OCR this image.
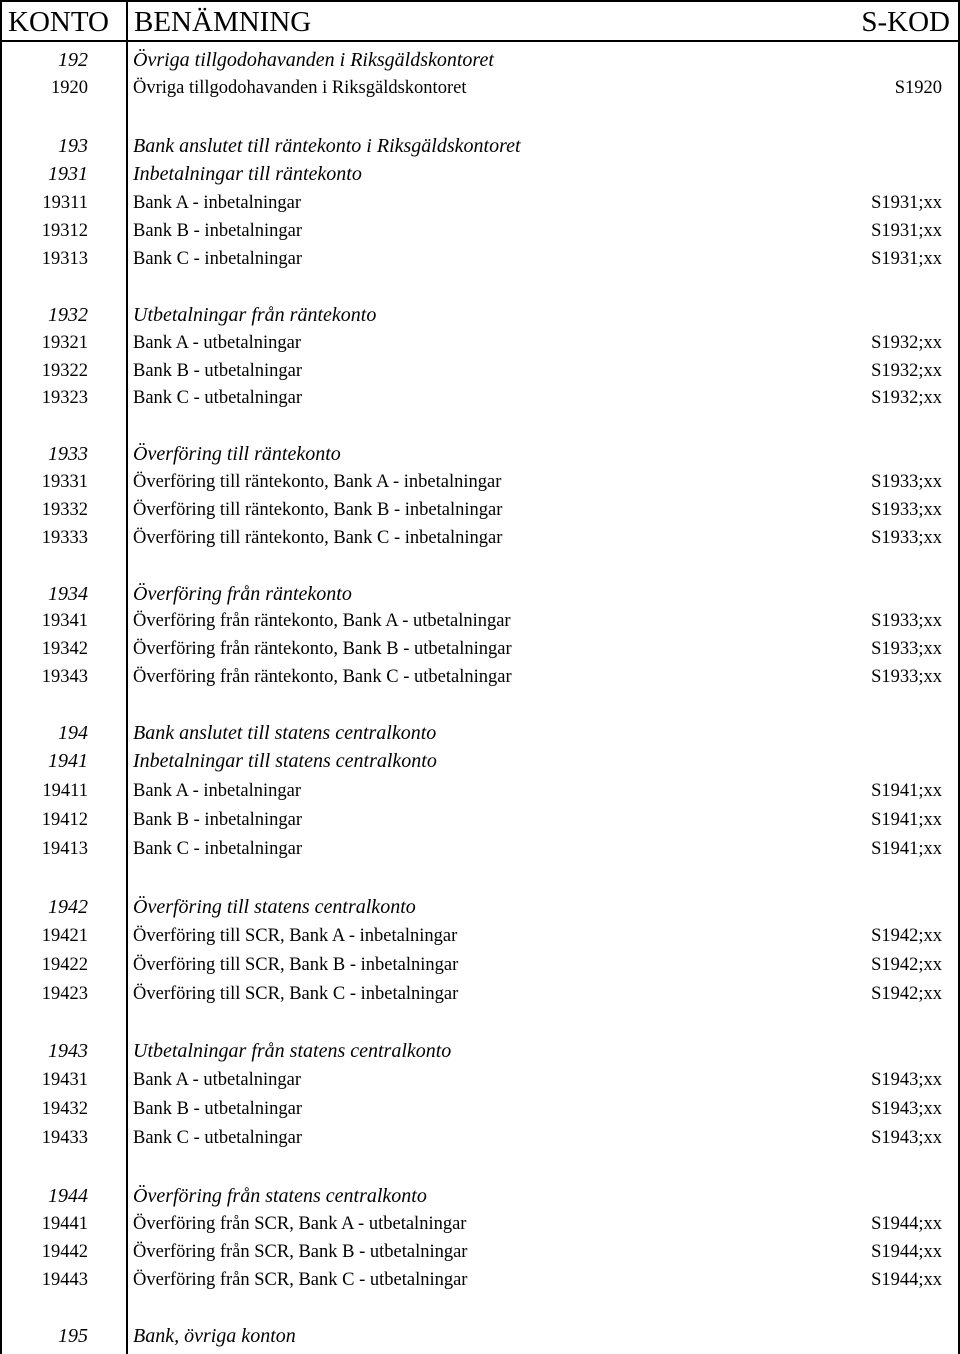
KONTO BENÄMNING	S-KOD
192 Övriga tillgodohavanden i Riksgäldskontoret
1920 Övriga tillgodohavanden i Riksgäldskontoret	S1920
193 Bank anslutet till räntekonto i Riksgäldskontoret
1931 Inbetalningar till räntekonto
19311 Bank A - inbetalningar	S1931;xx
19312 Bank B - inbetalningar	S1931;xx
19313 Bank C - inbetalningar	S1931;xx
1932 Utbetalningar från räntekonto
19321 Bank A - utbetalningar	S1932;xx
19322 Bank B - utbetalningar	S1932;xx
19323 Bank C - utbetalningar	S1932;xx
1933 Överföring till räntekonto
19331 Överföring till räntekonto, Bank A - inbetalningar	S1933;xx
19332 Överföring till räntekonto, Bank B - inbetalningar	S1933;xx
19333 Överföring till räntekonto, Bank C - inbetalningar	S1933;xx
1934 Överföring från räntekonto
19341 Överföring från räntekonto, Bank A - utbetalningar	S1933;xx
19342 Överföring från räntekonto, Bank B - utbetalningar	S1933;xx
19343 Överföring från räntekonto, Bank C - utbetalningar	S1933;xx
194 Bank anslutet till statens centralkonto
1941 Inbetalningar till statens centralkonto
19411 Bank A - inbetalningar	S1941;xx
19412 Bank B - inbetalningar	S1941;xx
19413 Bank C - inbetalningar	S1941;xx
1942 Överföring till statens centralkonto
19421 Överföring till SCR, Bank A - inbetalningar	S1942;xx
19422 Överföring till SCR, Bank B - inbetalningar	S1942;xx
19423 Överföring till SCR, Bank C - inbetalningar	S1942;xx
1943 Utbetalningar från statens centralkonto
19431 Bank A - utbetalningar	S1943;xx
19432 Bank B - utbetalningar	S1943;xx
19433 Bank C - utbetalningar	S1943;xx
1944 Överföring från statens centralkonto
19441 Överföring från SCR, Bank A - utbetalningar	S1944;xx
19442 Överföring från SCR, Bank B - utbetalningar	S1944;xx
19443 Överföring från SCR, Bank C - utbetalningar	S1944;xx
195 Bank, övriga konton
